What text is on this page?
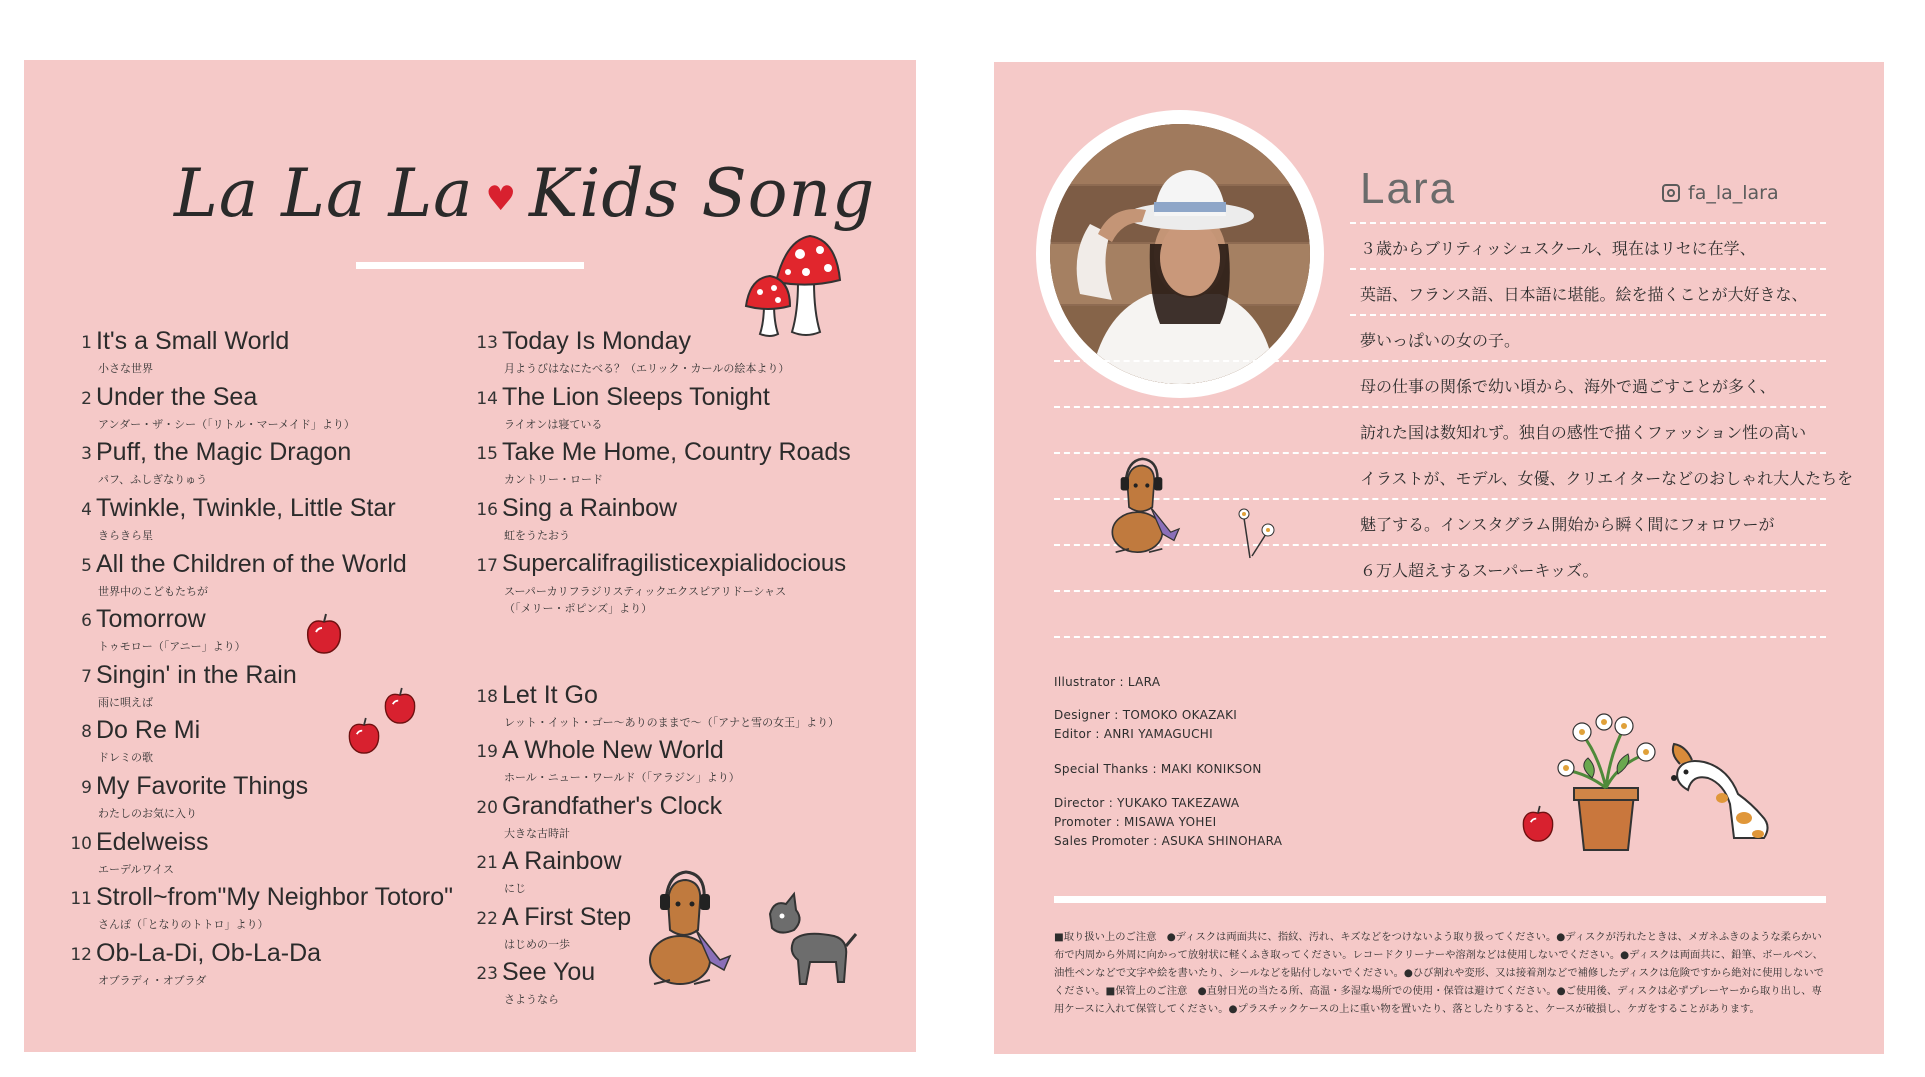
La La La ♥ Kids Song
1 It's a Small World
小さな世界
2 Under the Sea
アンダー・ザ・シー（「リトル・マーメイド」より）
3 Puff, the Magic Dragon
パフ、ふしぎなりゅう
4 Twinkle, Twinkle, Little Star
きらきら星
5 All the Children of the World
世界中のこどもたちが
6 Tomorrow
トゥモロー（「アニー」より）
7 Singin' in the Rain
雨に唄えば
8 Do Re Mi
ドレミの歌
9 My Favorite Things
わたしのお気に入り
10 Edelweiss
エーデルワイス
11 Stroll~from"My Neighbor Totoro"
さんぽ（「となりのトトロ」より）
12 Ob-La-Di, Ob-La-Da
オブラディ・オブラダ
13 Today Is Monday
月ようびはなにたべる？（エリック・カールの絵本より）
14 The Lion Sleeps Tonight
ライオンは寝ている
15 Take Me Home, Country Roads
カントリー・ロード
16 Sing a Rainbow
虹をうたおう
17 Supercalifragilisticexpialidocious
スーパーカリフラジリスティックエクスピアリドーシャス
（「メリー・ポピンズ」より）
18 Let It Go
レット・イット・ゴー～ありのままで～（「アナと雪の女王」より）
19 A Whole New World
ホール・ニュー・ワールド（「アラジン」より）
20 Grandfather's Clock
大きな古時計
21 A Rainbow
にじ
22 A First Step
はじめの一歩
23 See You
さようなら
Lara	fa_la_lara
３歳からブリティッシュスクール、現在はリセに在学、
英語、フランス語、日本語に堪能。絵を描くことが大好きな、
夢いっぱいの女の子。
母の仕事の関係で幼い頃から、海外で過ごすことが多く、
訪れた国は数知れず。独自の感性で描くファッション性の高い
イラストが、モデル、女優、クリエイターなどのおしゃれ大人たちを
魅了する。インスタグラム開始から瞬く間にフォロワーが
６万人超えするスーパーキッズ。
Illustrator : LARA
Designer : TOMOKO OKAZAKI
Editor : ANRI YAMAGUCHI
Special Thanks : MAKI KONIKSON
Director : YUKAKO TAKEZAWA
Promoter : MISAWA YOHEI
Sales Promoter : ASUKA SHINOHARA
■取り扱い上のご注意　●ディスクは両面共に、指紋、汚れ、キズなどをつけないよう取り扱ってください。●ディスクが汚れたときは、メガネふきのような柔らかい布で内周から外周に向かって放射状に軽くふき取ってください。レコードクリーナーや溶剤などは使用しないでください。●ディスクは両面共に、鉛筆、ボールペン、油性ペンなどで文字や絵を書いたり、シールなどを貼付しないでください。●ひび割れや変形、又は接着剤などで補修したディスクは危険ですから絶対に使用しないでください。■保管上のご注意　●直射日光の当たる所、高温・多湿な場所での使用・保管は避けてください。●ご使用後、ディスクは必ずプレーヤーから取り出し、専用ケースに入れて保管してください。●プラスチックケースの上に重い物を置いたり、落としたりすると、ケースが破損し、ケガをすることがあります。
